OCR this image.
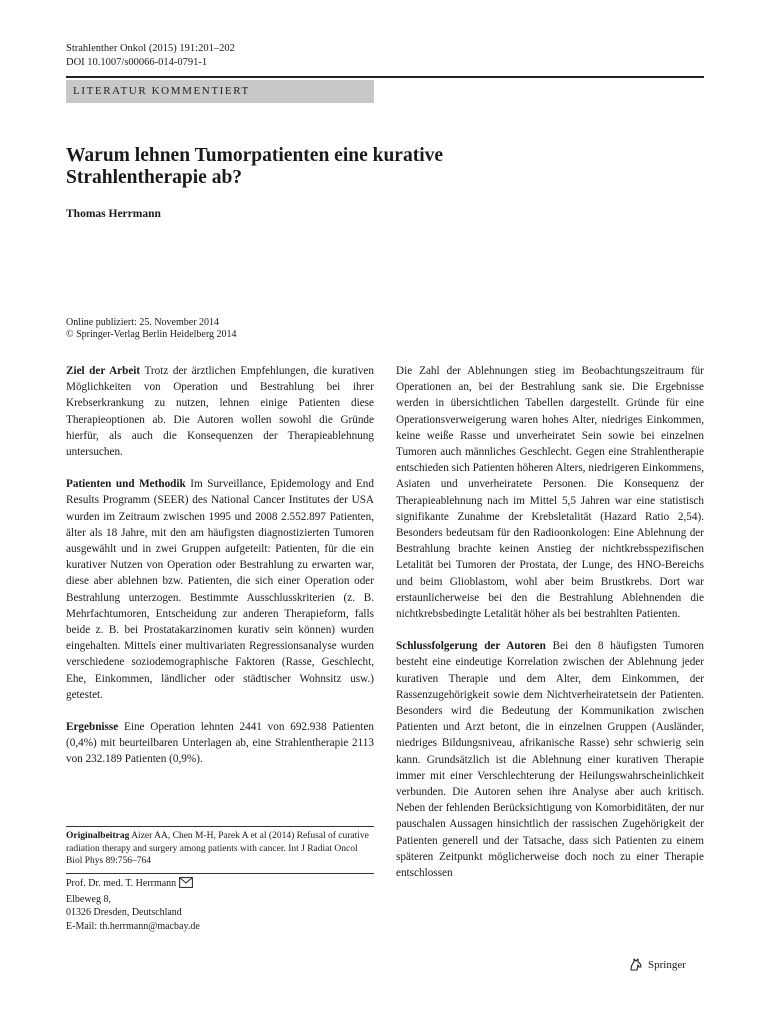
Strahlenther Onkol (2015) 191:201–202
DOI 10.1007/s00066-014-0791-1
LITERATUR KOMMENTIERT
Warum lehnen Tumorpatienten eine kurative
Strahlentherapie ab?
Thomas Herrmann
Online publiziert: 25. November 2014
© Springer-Verlag Berlin Heidelberg 2014

Ziel der Arbeit Trotz der ärztlichen Empfehlungen, die kurativen Möglichkeiten von Operation und Bestrahlung bei ihrer Krebserkrankung zu nutzen, lehnen einige Patienten diese Therapieoptionen ab. Die Autoren wollen sowohl die Gründe hierfür, als auch die Konsequenzen der Therapieablehnung untersuchen.

Patienten und Methodik Im Surveillance, Epidemology and End Results Programm (SEER) des National Cancer Institutes der USA wurden im Zeitraum zwischen 1995 und 2008 2.552.897 Patienten, älter als 18 Jahre, mit den am häufigsten diagnostizierten Tumoren ausgewählt und in zwei Gruppen aufgeteilt: Patienten, für die ein kurativer Nutzen von Operation oder Bestrahlung zu erwarten war, diese aber ablehnen bzw. Patienten, die sich einer Operation oder Bestrahlung unterzogen. Bestimmte Ausschlusskriterien (z. B. Mehrfachtumoren, Entscheidung zur anderen Therapieform, falls beide z. B. bei Prostatakarzinomen kurativ sein können) wurden eingehalten. Mittels einer multivariaten Regressionsanalyse wurden verschiedene soziodemographische Faktoren (Rasse, Geschlecht, Ehe, Einkommen, ländlicher oder städtischer Wohnsitz usw.) getestet.

Ergebnisse Eine Operation lehnten 2441 von 692.938 Patienten (0,4%) mit beurteilbaren Unterlagen ab, eine Strahlentherapie 2113 von 232.189 Patienten (0,9%).

Originalbeitrag Aizer AA, Chen M-H, Parek A et al (2014) Refusal of curative radiation therapy and surgery among patients with cancer. Int J Radiat Oncol Biol Phys 89:756–764
Prof. Dr. med. T. Herrmann
Elbeweg 8,
01326 Dresden, Deutschland
E-Mail: th.herrmann@macbay.de

Die Zahl der Ablehnungen stieg im Beobachtungszeitraum für Operationen an, bei der Bestrahlung sank sie. Die Ergebnisse werden in übersichtlichen Tabellen dargestellt. Gründe für eine Operationsverweigerung waren hohes Alter, niedriges Einkommen, keine weiße Rasse und unverheiratet Sein sowie bei einzelnen Tumoren auch männliches Geschlecht. Gegen eine Strahlentherapie entschieden sich Patienten höheren Alters, niedrigeren Einkommens, Asiaten und unverheiratete Personen. Die Konsequenz der Therapieablehnung nach im Mittel 5,5 Jahren war eine statistisch signifikante Zunahme der Krebsletalität (Hazard Ratio 2,54). Besonders bedeutsam für den Radioonkologen: Eine Ablehnung der Bestrahlung brachte keinen Anstieg der nichtkrebsspezifischen Letalität bei Tumoren der Prostata, der Lunge, des HNO-Bereichs und beim Glioblastom, wohl aber beim Brustkrebs. Dort war erstaunlicherweise bei den die Bestrahlung Ablehnenden die nichtkrebsbedingte Letalität höher als bei bestrahlten Patienten.

Schlussfolgerung der Autoren Bei den 8 häufigsten Tumoren besteht eine eindeutige Korrelation zwischen der Ablehnung jeder kurativen Therapie und dem Alter, dem Einkommen, der Rassenzugehörigkeit sowie dem Nichtverheiratetsein der Patienten. Besonders wird die Bedeutung der Kommunikation zwischen Patienten und Arzt betont, die in einzelnen Gruppen (Ausländer, niedriges Bildungsniveau, afrikanische Rasse) sehr schwierig sein kann. Grundsätzlich ist die Ablehnung einer kurativen Therapie immer mit einer Verschlechterung der Heilungswahrscheinlichkeit verbunden. Die Autoren sehen ihre Analyse aber auch kritisch. Neben der fehlenden Berücksichtigung von Komorbiditäten, der nur pauschalen Aussagen hinsichtlich der rassischen Zugehörigkeit der Patienten generell und der Tatsache, dass sich Patienten zu einem späteren Zeitpunkt möglicherweise doch noch zu einer Therapie entschlossen

Springer
